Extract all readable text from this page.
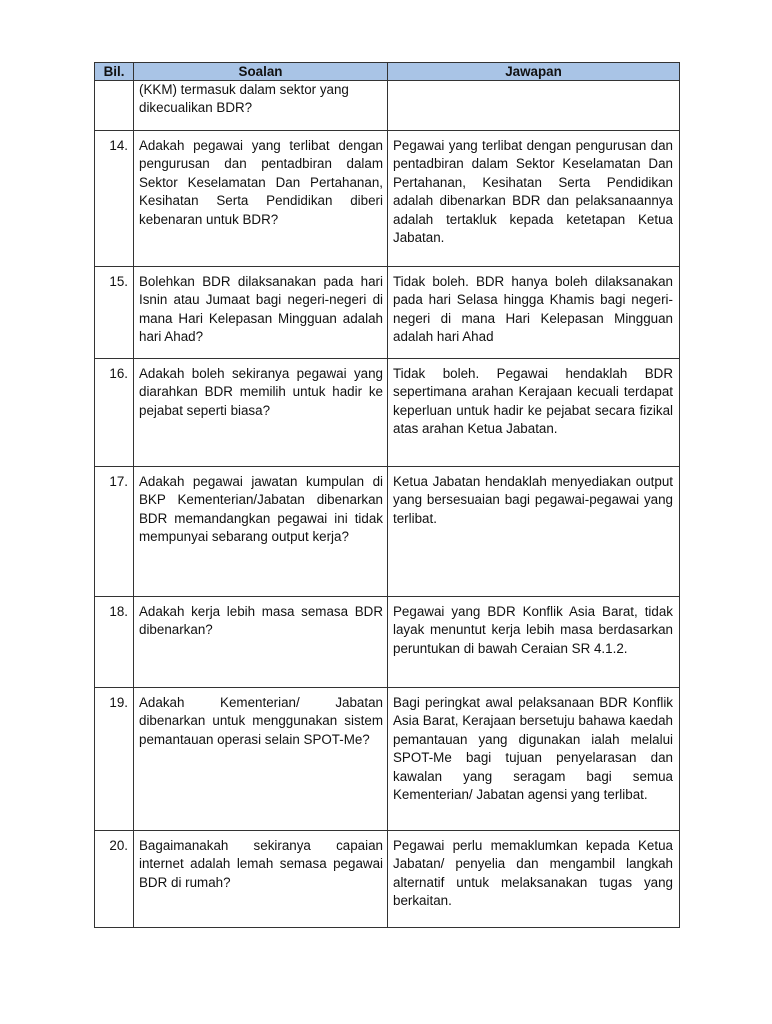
Bil.	Soalan	Jawapan
	(KKM) termasuk dalam sektor yang dikecualikan BDR?	
14.	Adakah pegawai yang terlibat dengan pengurusan dan pentadbiran dalam Sektor Keselamatan Dan Pertahanan, Kesihatan Serta Pendidikan diberi kebenaran untuk BDR?	Pegawai yang terlibat dengan pengurusan dan pentadbiran dalam Sektor Keselamatan Dan Pertahanan, Kesihatan Serta Pendidikan adalah dibenarkan BDR dan pelaksanaannya adalah tertakluk kepada ketetapan Ketua Jabatan.
15.	Bolehkan BDR dilaksanakan pada hari Isnin atau Jumaat bagi negeri-negeri di mana Hari Kelepasan Mingguan adalah hari Ahad?	Tidak boleh. BDR hanya boleh dilaksanakan pada hari Selasa hingga Khamis bagi negeri-negeri di mana Hari Kelepasan Mingguan adalah hari Ahad
16.	Adakah boleh sekiranya pegawai yang diarahkan BDR memilih untuk hadir ke pejabat seperti biasa?	Tidak boleh. Pegawai hendaklah BDR sepertimana arahan Kerajaan kecuali terdapat keperluan untuk hadir ke pejabat secara fizikal atas arahan Ketua Jabatan.
17.	Adakah pegawai jawatan kumpulan di BKP Kementerian/Jabatan dibenarkan BDR memandangkan pegawai ini tidak mempunyai sebarang output kerja?	Ketua Jabatan hendaklah menyediakan output yang bersesuaian bagi pegawai-pegawai yang terlibat.
18.	Adakah kerja lebih masa semasa BDR dibenarkan?	Pegawai yang BDR Konflik Asia Barat, tidak layak menuntut kerja lebih masa berdasarkan peruntukan di bawah Ceraian SR 4.1.2.
19.	Adakah Kementerian/ Jabatan dibenarkan untuk menggunakan sistem pemantauan operasi selain SPOT-Me?	Bagi peringkat awal pelaksanaan BDR Konflik Asia Barat, Kerajaan bersetuju bahawa kaedah pemantauan yang digunakan ialah melalui SPOT-Me bagi tujuan penyelarasan dan kawalan yang seragam bagi semua Kementerian/ Jabatan agensi yang terlibat.
20.	Bagaimanakah sekiranya capaian internet adalah lemah semasa pegawai BDR di rumah?	Pegawai perlu memaklumkan kepada Ketua Jabatan/ penyelia dan mengambil langkah alternatif untuk melaksanakan tugas yang berkaitan.
